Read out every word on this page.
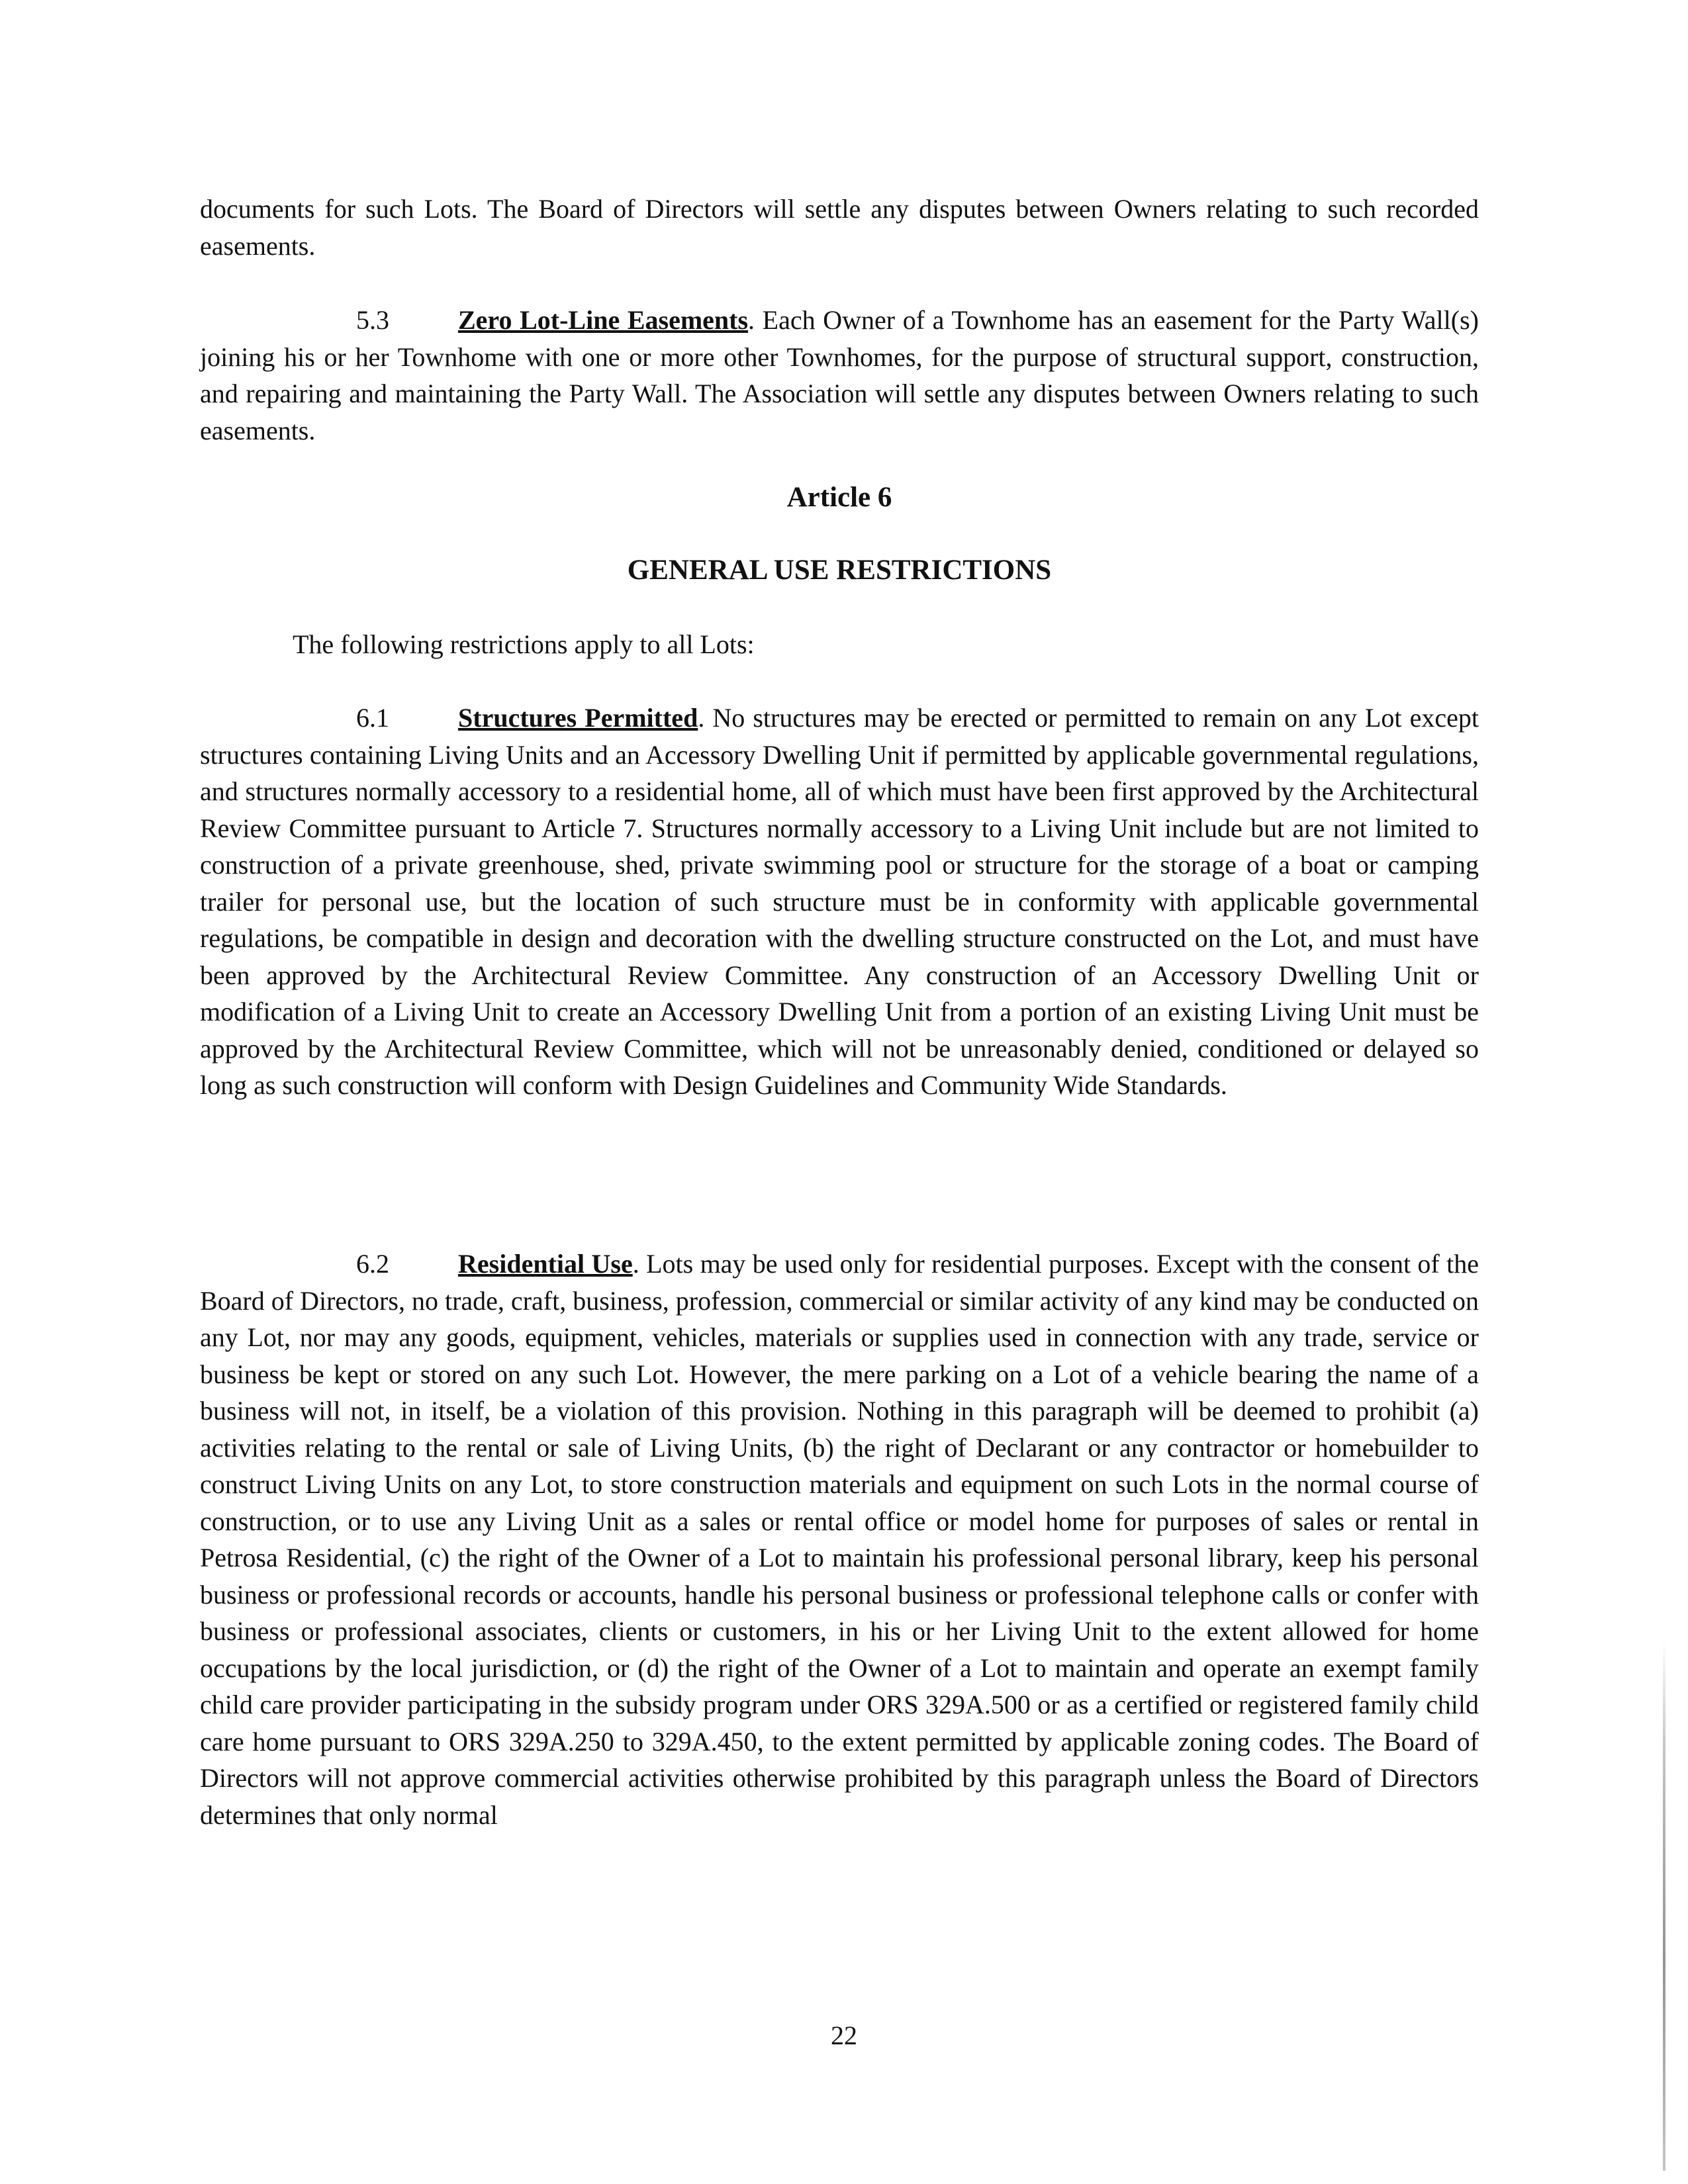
documents for such Lots. The Board of Directors will settle any disputes between Owners relating to such recorded easements.

5.3	Zero Lot-Line Easements. Each Owner of a Townhome has an easement for the Party Wall(s) joining his or her Townhome with one or more other Townhomes, for the purpose of structural support, construction, and repairing and maintaining the Party Wall. The Association will settle any disputes between Owners relating to such easements.

Article 6
GENERAL USE RESTRICTIONS

The following restrictions apply to all Lots:

6.1	Structures Permitted. No structures may be erected or permitted to remain on any Lot except structures containing Living Units and an Accessory Dwelling Unit if permitted by applicable governmental regulations, and structures normally accessory to a residential home, all of which must have been first approved by the Architectural Review Committee pursuant to Article 7. Structures normally accessory to a Living Unit include but are not limited to construction of a private greenhouse, shed, private swimming pool or structure for the storage of a boat or camping trailer for personal use, but the location of such structure must be in conformity with applicable governmental regulations, be compatible in design and decoration with the dwelling structure constructed on the Lot, and must have been approved by the Architectural Review Committee. Any construction of an Accessory Dwelling Unit or modification of a Living Unit to create an Accessory Dwelling Unit from a portion of an existing Living Unit must be approved by the Architectural Review Committee, which will not be unreasonably denied, conditioned or delayed so long as such construction will conform with Design Guidelines and Community Wide Standards.

6.2	Residential Use. Lots may be used only for residential purposes. Except with the consent of the Board of Directors, no trade, craft, business, profession, commercial or similar activity of any kind may be conducted on any Lot, nor may any goods, equipment, vehicles, materials or supplies used in connection with any trade, service or business be kept or stored on any such Lot. However, the mere parking on a Lot of a vehicle bearing the name of a business will not, in itself, be a violation of this provision. Nothing in this paragraph will be deemed to prohibit (a) activities relating to the rental or sale of Living Units, (b) the right of Declarant or any contractor or homebuilder to construct Living Units on any Lot, to store construction materials and equipment on such Lots in the normal course of construction, or to use any Living Unit as a sales or rental office or model home for purposes of sales or rental in Petrosa Residential, (c) the right of the Owner of a Lot to maintain his professional personal library, keep his personal business or professional records or accounts, handle his personal business or professional telephone calls or confer with business or professional associates, clients or customers, in his or her Living Unit to the extent allowed for home occupations by the local jurisdiction, or (d) the right of the Owner of a Lot to maintain and operate an exempt family child care provider participating in the subsidy program under ORS 329A.500 or as a certified or registered family child care home pursuant to ORS 329A.250 to 329A.450, to the extent permitted by applicable zoning codes. The Board of Directors will not approve commercial activities otherwise prohibited by this paragraph unless the Board of Directors determines that only normal

22
